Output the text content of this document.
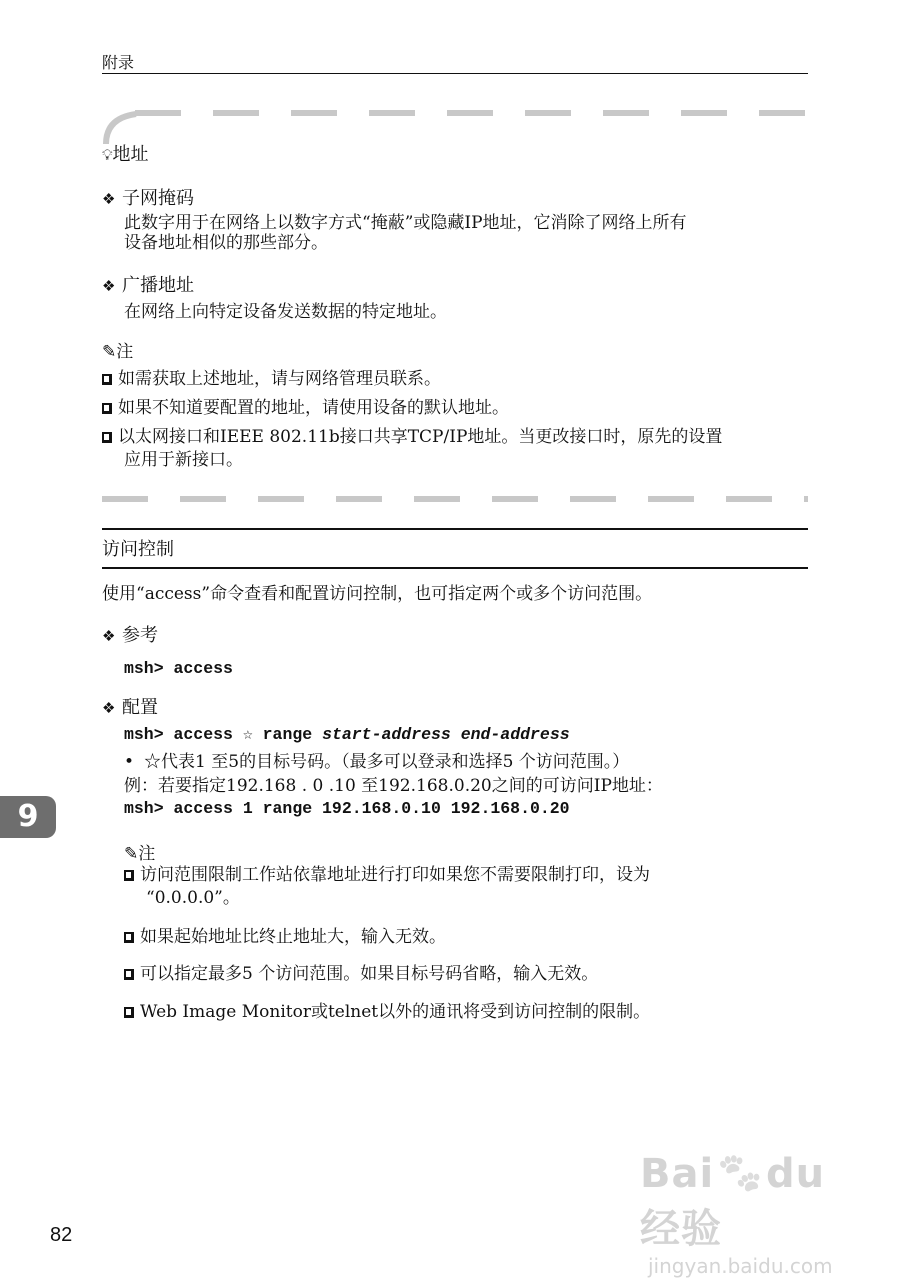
附录
💡︎地址
❖ 子网掩码
此数字用于在网络上以数字方式“掩蔽”或隐藏IP地址，它消除了网络上所有
设备地址相似的那些部分。
❖ 广播地址
在网络上向特定设备发送数据的特定地址。
✎注
如需获取上述地址，请与网络管理员联系。
如果不知道要配置的地址，请使用设备的默认地址。
以太网接口和IEEE 802.11b接口共享TCP/IP地址。当更改接口时，原先的设置
应用于新接口。
访问控制
使用“access”命令查看和配置访问控制，也可指定两个或多个访问范围。
❖ 参考
msh> access
❖ 配置
msh> access ☆ range start-address end-address
• ☆代表1 至5的目标号码。（最多可以登录和选择5 个访问范围。）
例：若要指定192.168 . 0 .10 至192.168.0.20之间的可访问IP地址：
msh> access 1 range 192.168.0.10 192.168.0.20
✎注
访问范围限制工作站依靠地址进行打印如果您不需要限制打印，设为
“0.0.0.0”。
如果起始地址比终止地址大，输入无效。
可以指定最多5 个访问范围。如果目标号码省略，输入无效。
Web Image Monitor或telnet以外的通讯将受到访问控制的限制。
9
82
Bai🐾︎du 经验
jingyan.baidu.com
